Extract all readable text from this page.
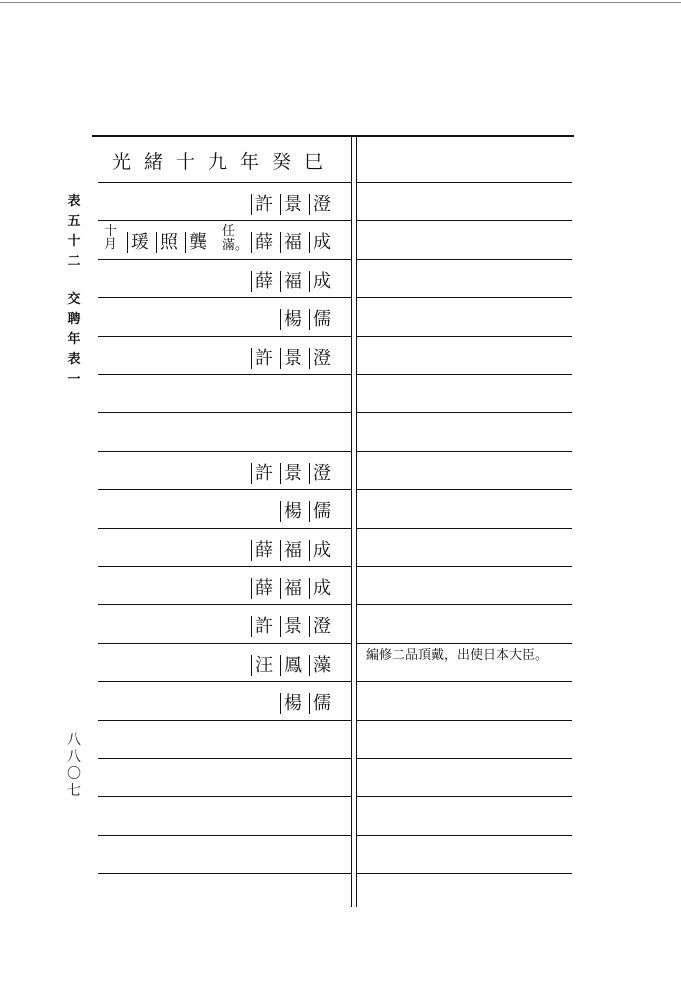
表
五
十
二
交
聘
年
表
一
八
八
〇
七
光緒十九年癸巳
許 景 澄
十月 瑗 照 龔
任滿。 薛 福 成
薛 福 成
楊 儒
許 景 澄
許 景 澄
楊 儒
薛 福 成
薛 福 成
許 景 澄
汪 鳳 藻 編修二品頂戴，出使日本大臣。
楊 儒
